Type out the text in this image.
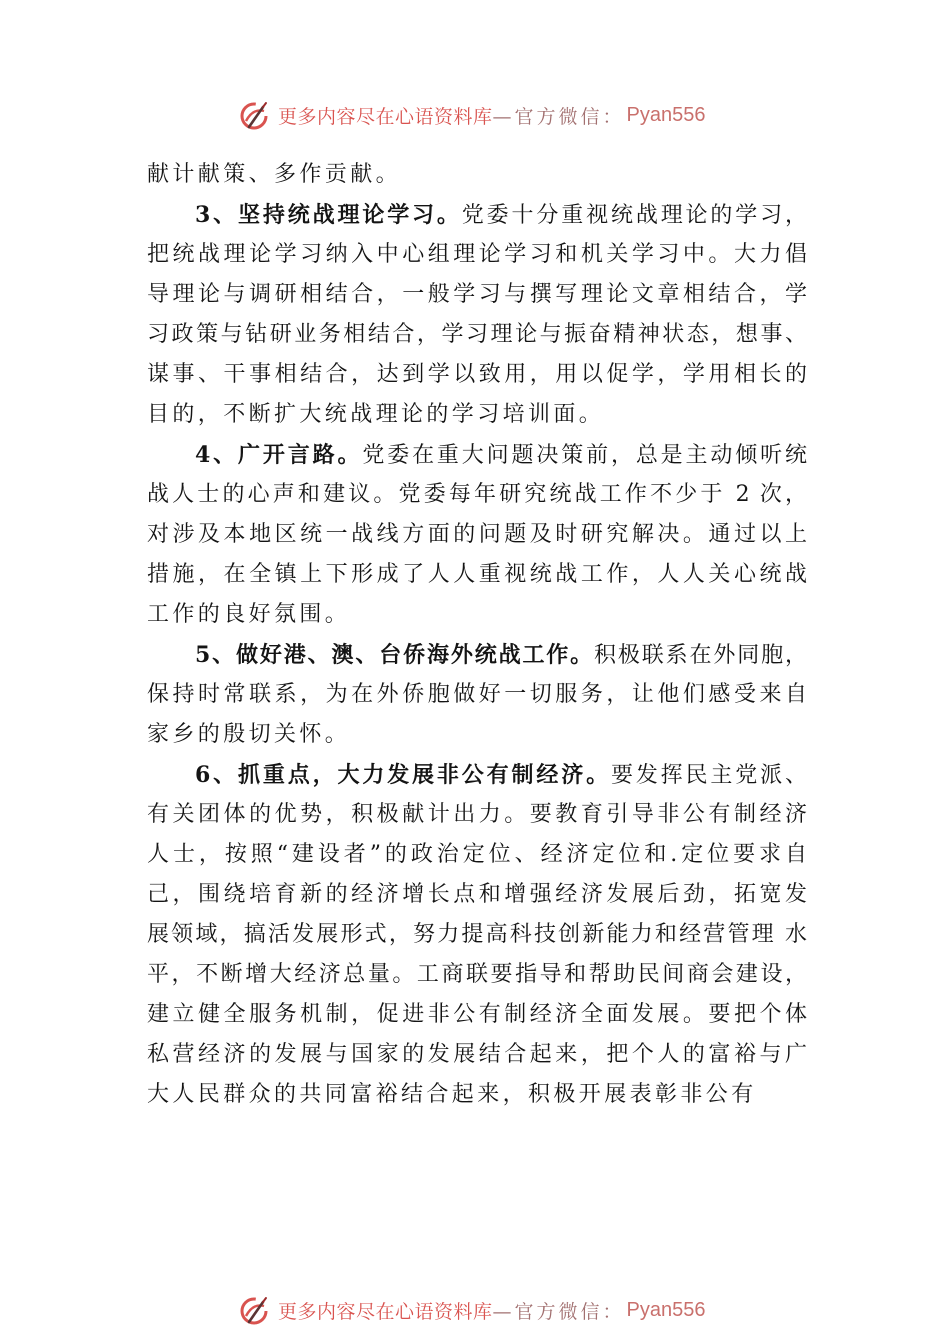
更多内容尽在心语资料库 —官方微信： Pyan556
献计献策、多作贡献。
3、坚持统战理论学习。党委十分重视统战理论的学习，
把统战理论学习纳入中心组理论学习和机关学习中。大力倡
导理论与调研相结合，一般学习与撰写理论文章相结合，学
习政策与钻研业务相结合，学习理论与振奋精神状态，想事、
谋事、干事相结合，达到学以致用，用以促学，学用相长的
目的，不断扩大统战理论的学习培训面。
4、广开言路。党委在重大问题决策前，总是主动倾听统
战人士的心声和建议。党委每年研究统战工作不少于 2 次，
对涉及本地区统一战线方面的问题及时研究解决。通过以上
措施，在全镇上下形成了人人重视统战工作，人人关心统战
工作的良好氛围。
5、做好港、澳、台侨海外统战工作。积极联系在外同胞，
保持时常联系，为在外侨胞做好一切服务，让他们感受来自
家乡的殷切关怀。
6、抓重点，大力发展非公有制经济。要发挥民主党派、
有关团体的优势，积极献计出力。要教育引导非公有制经济
人士，按照“建设者”的政治定位、经济定位和.定位要求自
己，围绕培育新的经济增长点和增强经济发展后劲，拓宽发
展领域，搞活发展形式，努力提高科技创新能力和经营管理 水
平，不断增大经济总量。工商联要指导和帮助民间商会建设，
建立健全服务机制，促进非公有制经济全面发展。要把个体
私营经济的发展与国家的发展结合起来，把个人的富裕与广
大人民群众的共同富裕结合起来，积极开展表彰非公有
更多内容尽在心语资料库 —官方微信： Pyan556
